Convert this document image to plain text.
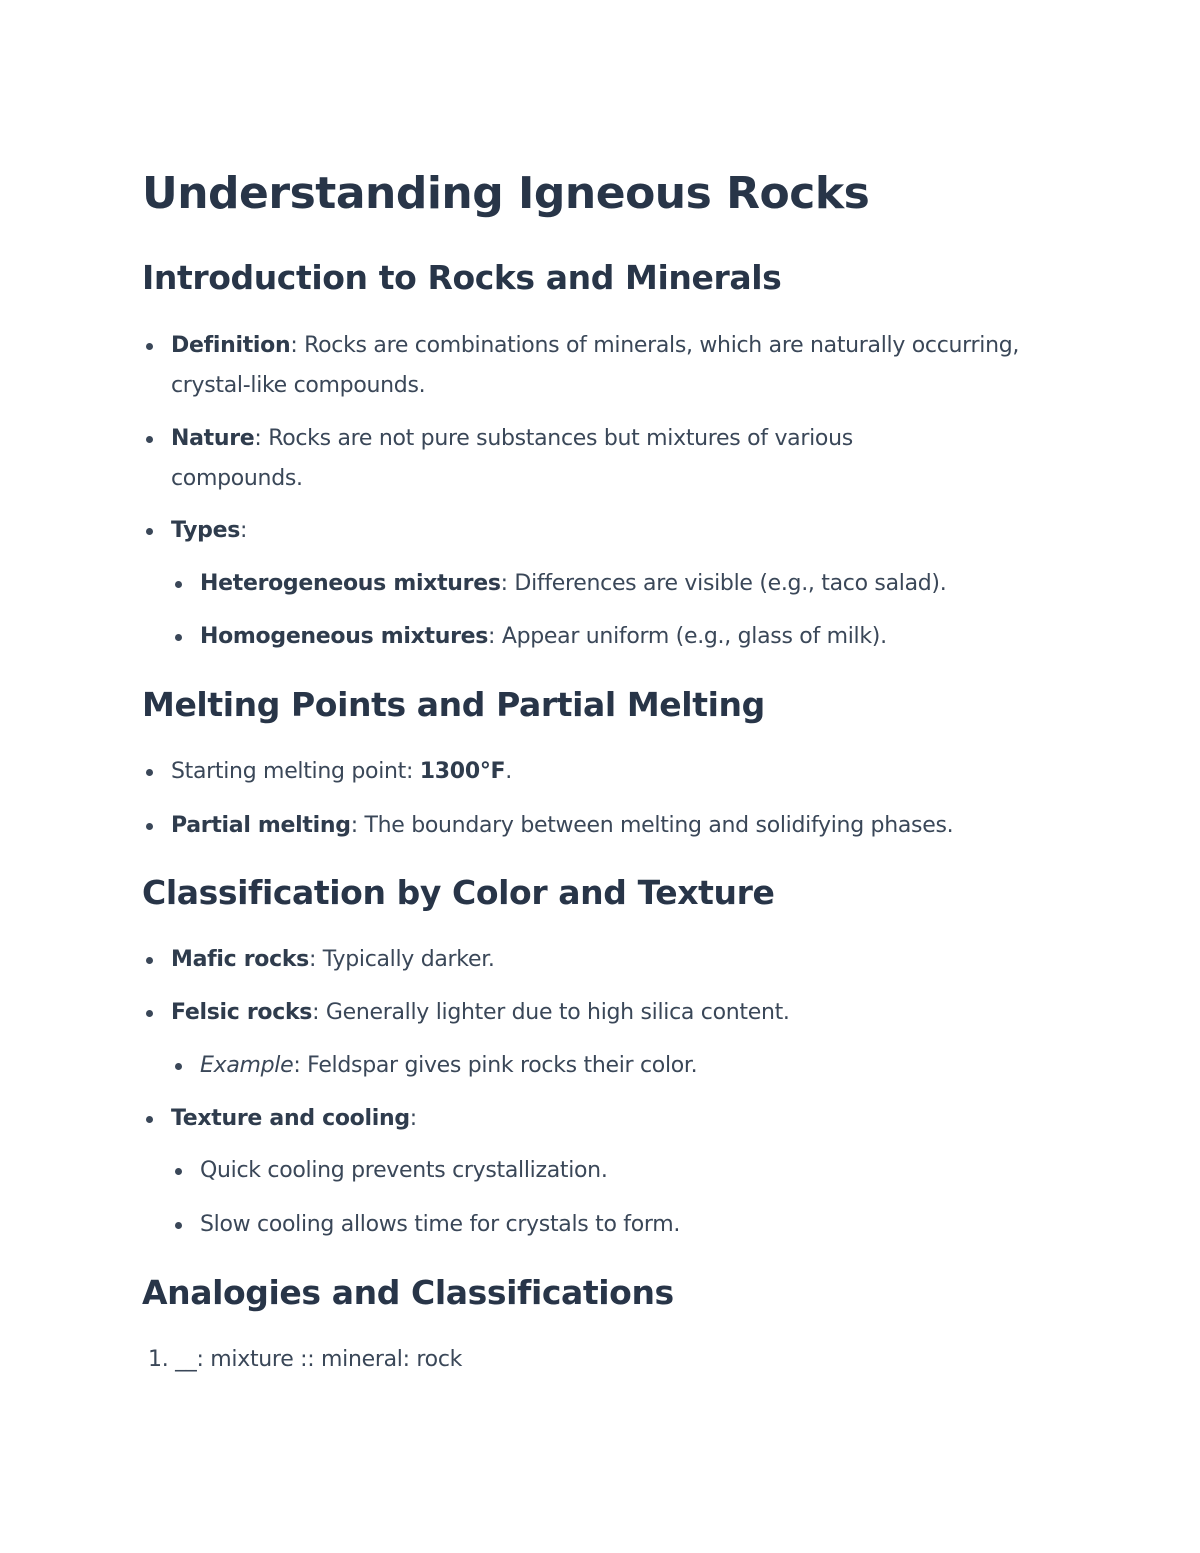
Understanding Igneous Rocks
Introduction to Rocks and Minerals
Definition: Rocks are combinations of minerals, which are naturally occurring, crystal-like compounds.
Nature: Rocks are not pure substances but mixtures of various compounds.
Types:
Heterogeneous mixtures: Differences are visible (e.g., taco salad).
Homogeneous mixtures: Appear uniform (e.g., glass of milk).
Melting Points and Partial Melting
Starting melting point: 1300°F.
Partial melting: The boundary between melting and solidifying phases.
Classification by Color and Texture
Mafic rocks: Typically darker.
Felsic rocks: Generally lighter due to high silica content.
Example: Feldspar gives pink rocks their color.
Texture and cooling:
Quick cooling prevents crystallization.
Slow cooling allows time for crystals to form.
Analogies and Classifications
1. __: mixture :: mineral: rock
